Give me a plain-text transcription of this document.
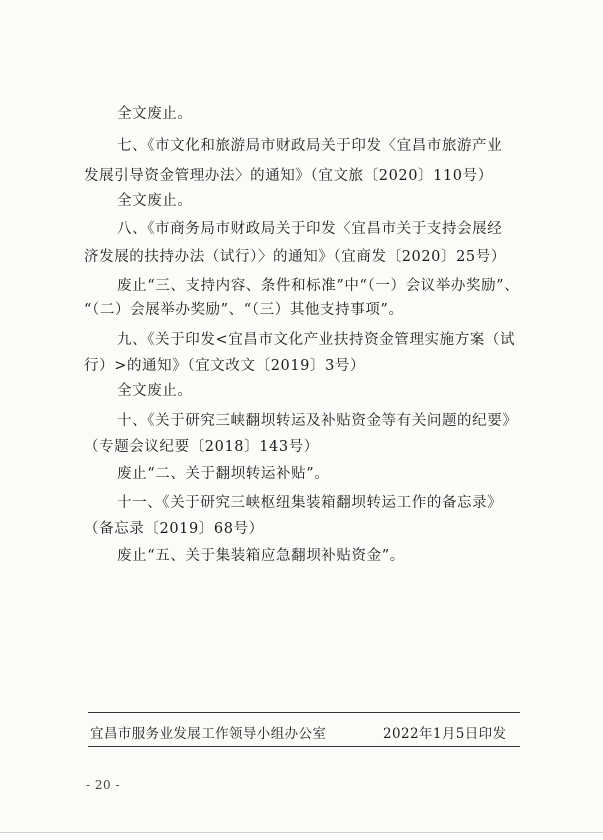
全文废止。
七、《市文化和旅游局市财政局关于印发〈宜昌市旅游产业
发展引导资金管理办法〉的通知》（宜文旅〔2020〕110号）
全文废止。
八、《市商务局市财政局关于印发〈宜昌市关于支持会展经
济发展的扶持办法（试行）〉的通知》（宜商发〔2020〕25号）
废止“三、支持内容、条件和标准”中“（一）会议举办奖励”、
“（二）会展举办奖励”、“（三）其他支持事项”。
九、《关于印发<宜昌市文化产业扶持资金管理实施方案（试
行）>的通知》（宜文改文〔2019〕3号）
全文废止。
十、《关于研究三峡翻坝转运及补贴资金等有关问题的纪要》
（专题会议纪要〔2018〕143号）
废止“二、关于翻坝转运补贴”。
十一、《关于研究三峡枢纽集装箱翻坝转运工作的备忘录》
（备忘录〔2019〕68号）
废止“五、关于集装箱应急翻坝补贴资金”。
宜昌市服务业发展工作领导小组办公室	2022年1月5日印发
- 20 -
